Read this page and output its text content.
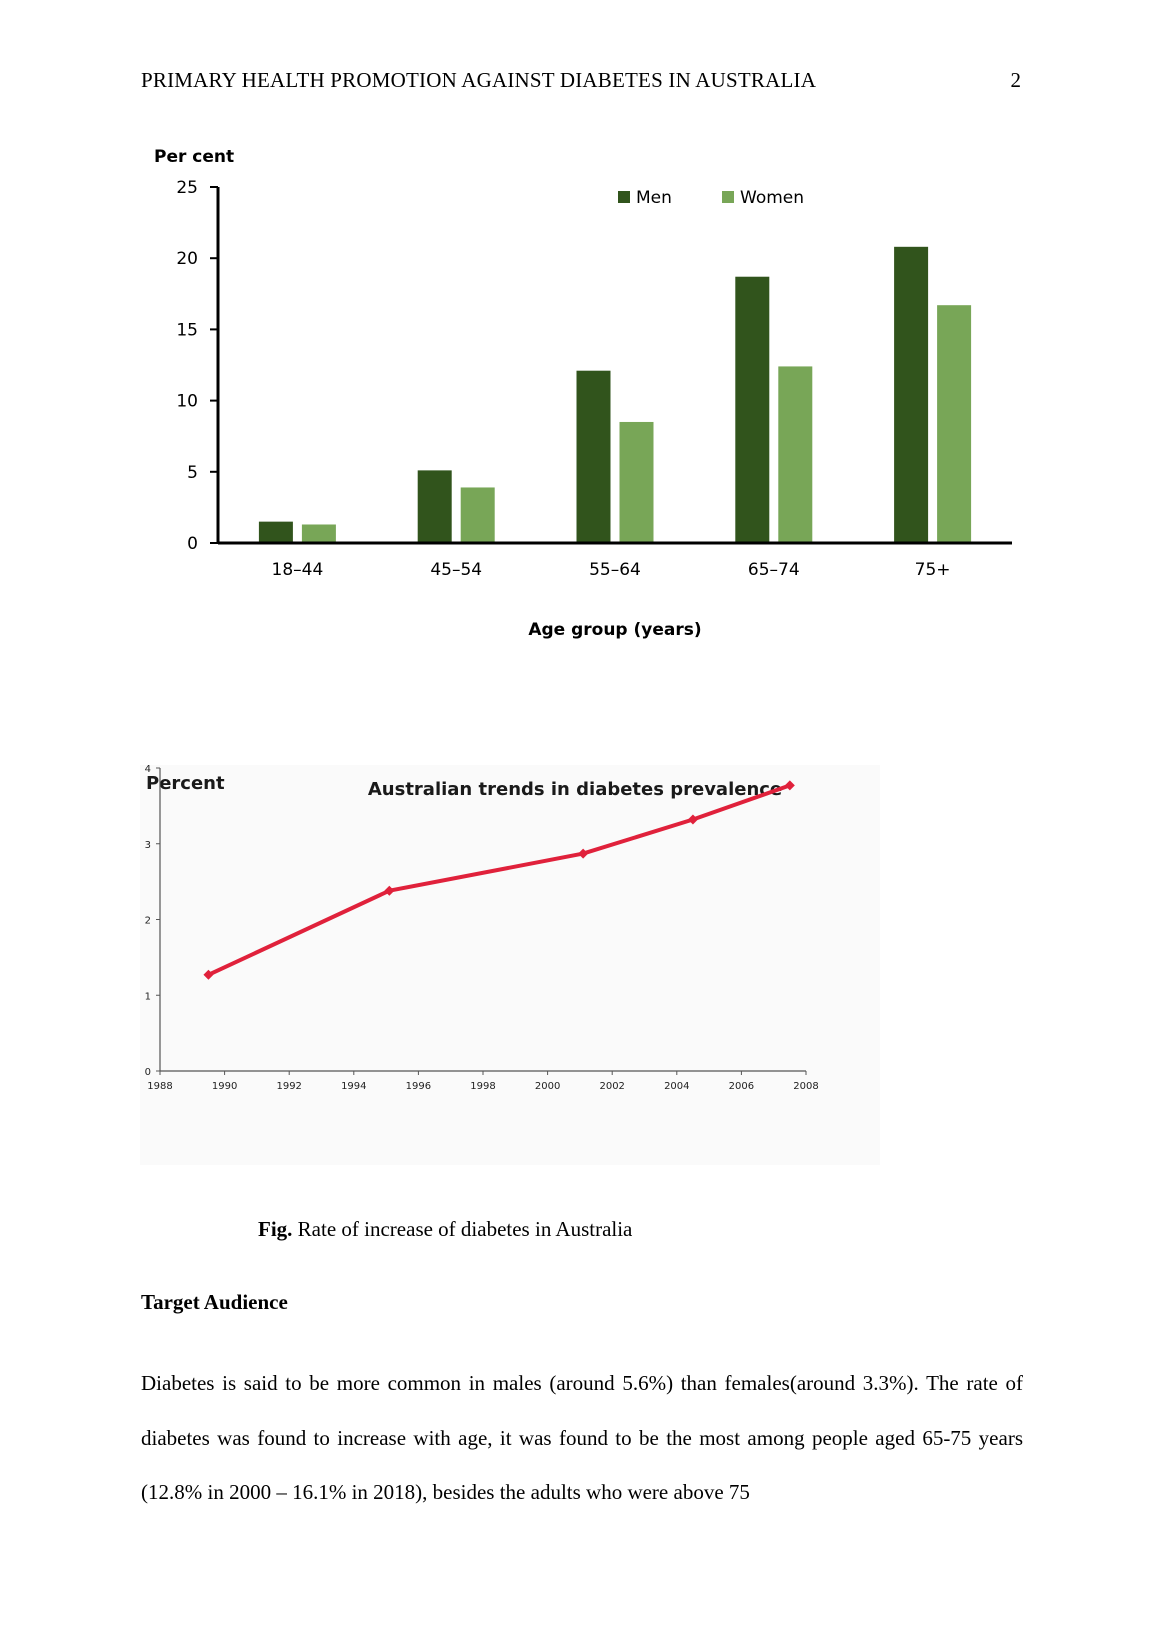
PRIMARY HEALTH PROMOTION AGAINST DIABETES IN AUSTRALIA	2
Per cent
0
5
10
15
20
25
18–44	45–54	55–64	65–74	75+
Men	Women
Age group (years)
Percent	Australian trends in diabetes prevalence
0
1
2
3
4
1988	1990	1992	1994	1996	1998	2000	2002	2004	2006	2008
Fig. Rate of increase of diabetes in Australia
Target Audience
Diabetes is said to be more common in males (around 5.6%) than females(around 3.3%). The rate of diabetes was found to increase with age, it was found to be the most among people aged 65-75 years (12.8% in 2000 – 16.1% in 2018), besides the adults who were above 75
